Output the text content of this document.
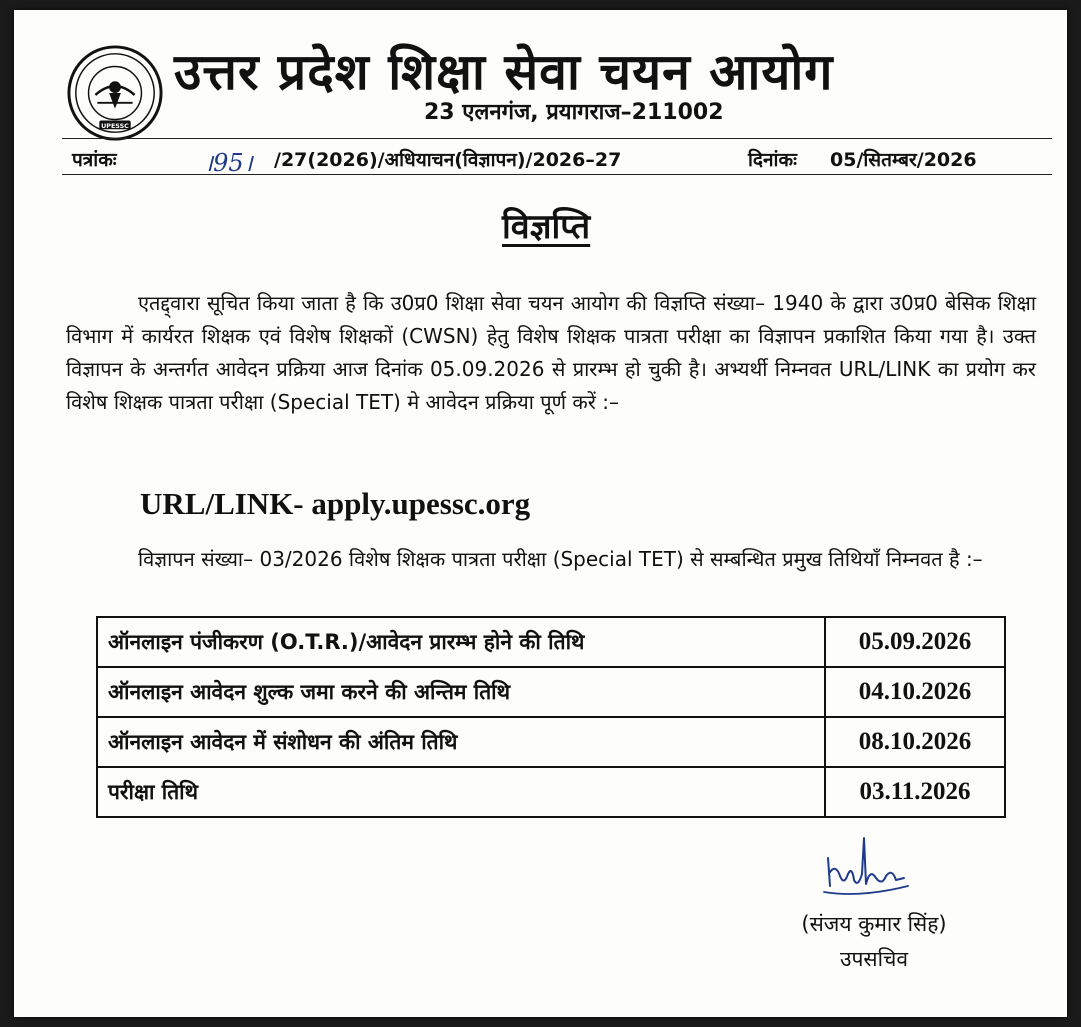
UPESSC
उत्तर प्रदेश शिक्षा सेवा चयन आयोग
23 एलनगंज, प्रयागराज–211002
पत्रांकः	।95। /27(2026)/अधियाचन(विज्ञापन)/2026–27	दिनांकः 05/सितम्बर/2026
विज्ञप्ति
एतद्द्वारा सूचित किया जाता है कि उ0प्र0 शिक्षा सेवा चयन आयोग की विज्ञप्ति संख्या– 1940 के द्वारा उ0प्र0 बेसिक शिक्षा विभाग में कार्यरत शिक्षक एवं विशेष शिक्षकों (CWSN) हेतु विशेष शिक्षक पात्रता परीक्षा का विज्ञापन प्रकाशित किया गया है। उक्त विज्ञापन के अन्तर्गत आवेदन प्रक्रिया आज दिनांक 05.09.2026 से प्रारम्भ हो चुकी है। अभ्यर्थी निम्नवत URL/LINK का प्रयोग कर विशेष शिक्षक पात्रता परीक्षा (Special TET) मे आवेदन प्रक्रिया पूर्ण करें :–
URL/LINK- apply.upessc.org
विज्ञापन संख्या– 03/2026 विशेष शिक्षक पात्रता परीक्षा (Special TET) से सम्बन्धित प्रमुख तिथियाँ निम्नवत है :–
ऑनलाइन पंजीकरण (O.T.R.)/आवेदन प्रारम्भ होने की तिथि	05.09.2026
ऑनलाइन आवेदन शुल्क जमा करने की अन्तिम तिथि	04.10.2026
ऑनलाइन आवेदन में संशोधन की अंतिम तिथि	08.10.2026
परीक्षा तिथि	03.11.2026
(संजय कुमार सिंह)
उपसचिव
